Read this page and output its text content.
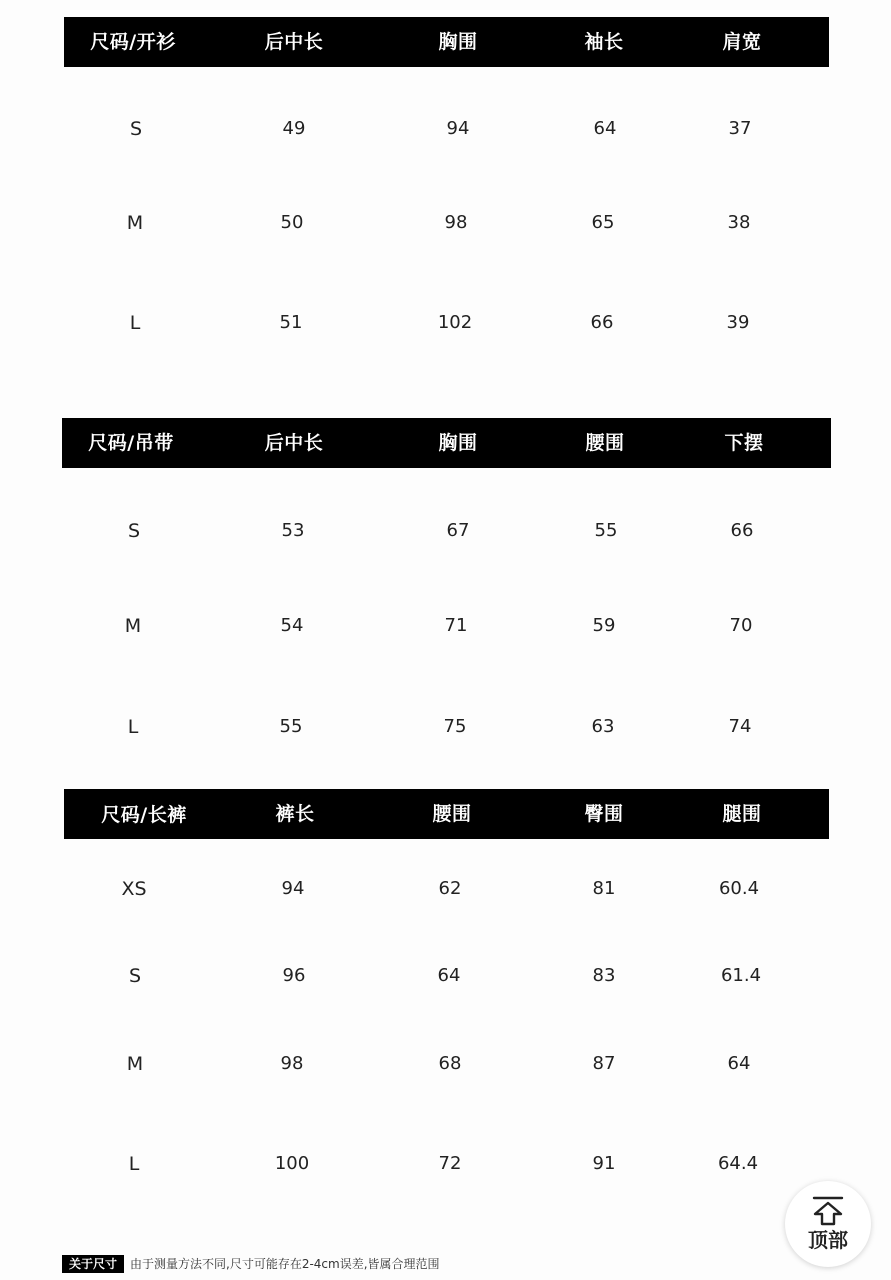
尺码/开衫	后中长	胸围	袖长	肩宽
S	49	94	64	37
M	50	98	65	38
L	51	102	66	39
尺码/吊带	后中长	胸围	腰围	下摆
S	53	67	55	66
M	54	71	59	70
L	55	75	63	74
尺码/长裤	裤长	腰围	臀围	腿围
XS	94	62	81	60.4
S	96	64	83	61.4
M	98	68	87	64
L	100	72	91	64.4
关于尺寸	由于测量方法不同,尺寸可能存在2-4cm误差,皆属合理范围
顶部
